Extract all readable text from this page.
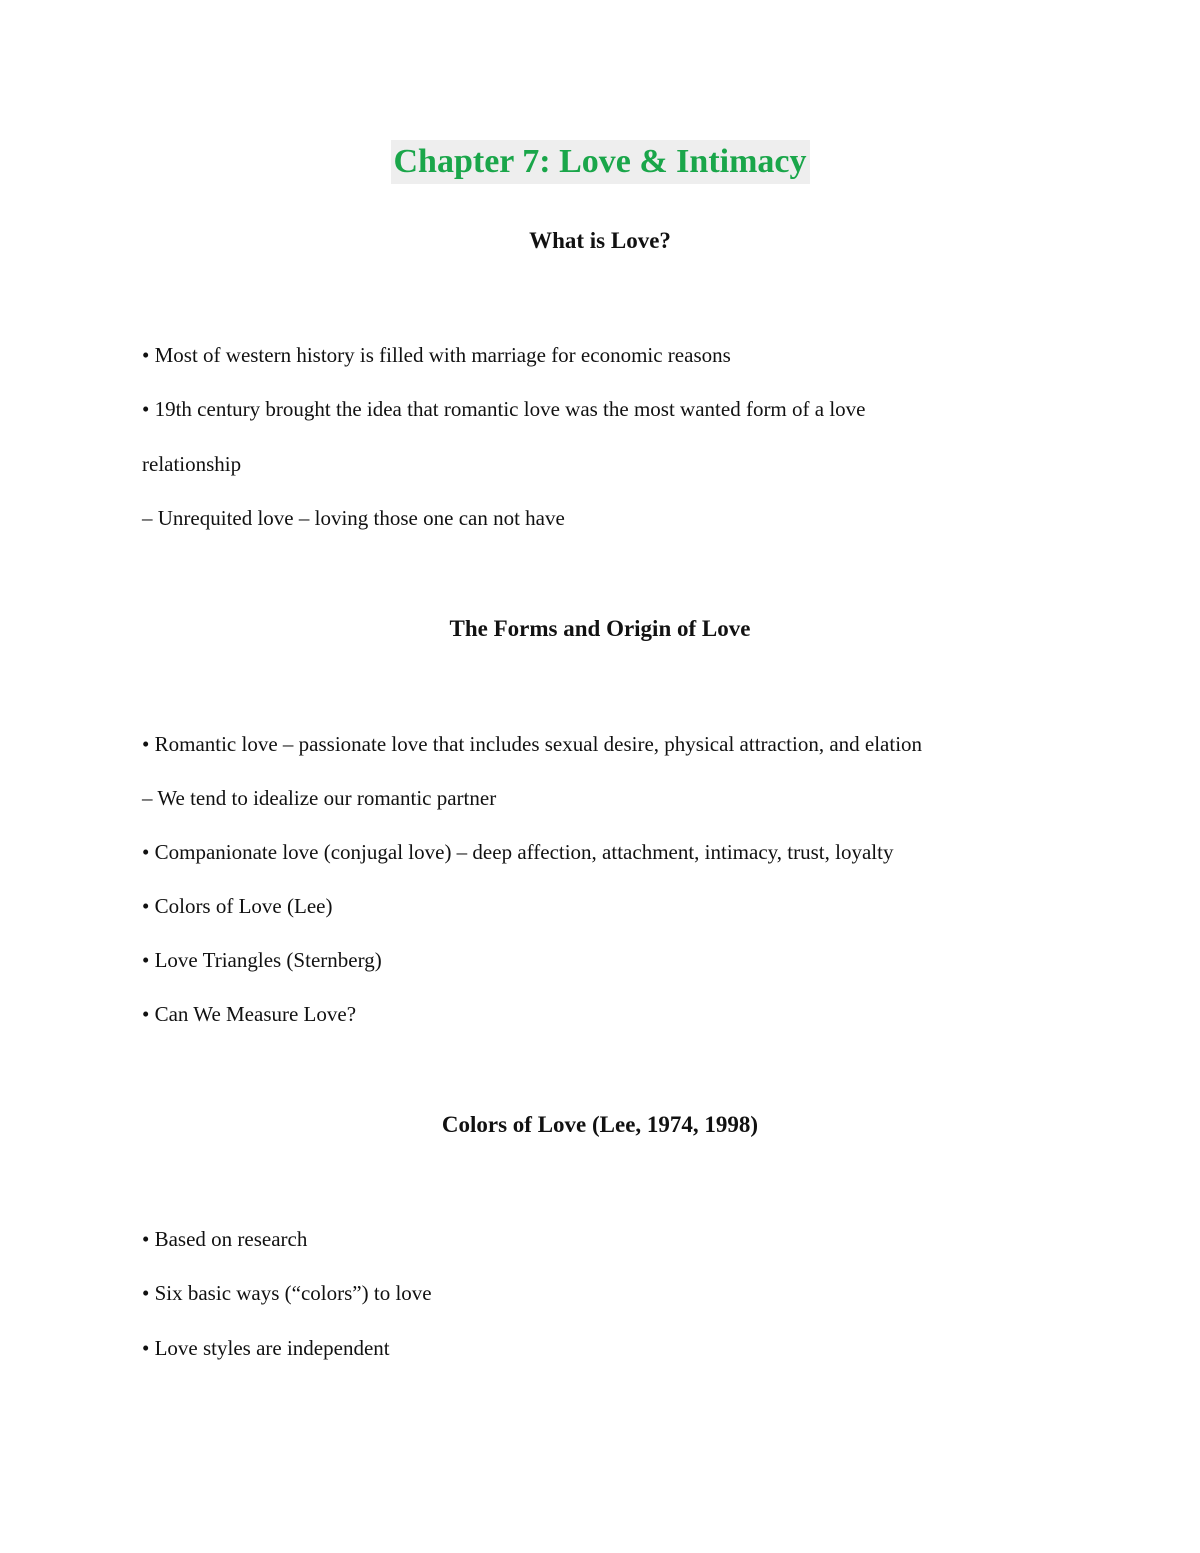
Chapter 7: Love & Intimacy
What is Love?

• Most of western history is filled with marriage for economic reasons

• 19th century brought the idea that romantic love was the most wanted form of a love

relationship

– Unrequited love – loving those one can not have

The Forms and Origin of Love

• Romantic love – passionate love that includes sexual desire, physical attraction, and elation

– We tend to idealize our romantic partner

• Companionate love (conjugal love) – deep affection, attachment, intimacy, trust, loyalty

• Colors of Love (Lee)

• Love Triangles (Sternberg)

• Can We Measure Love?

Colors of Love (Lee, 1974, 1998)

• Based on research

• Six basic ways (“colors”) to love

• Love styles are independent
